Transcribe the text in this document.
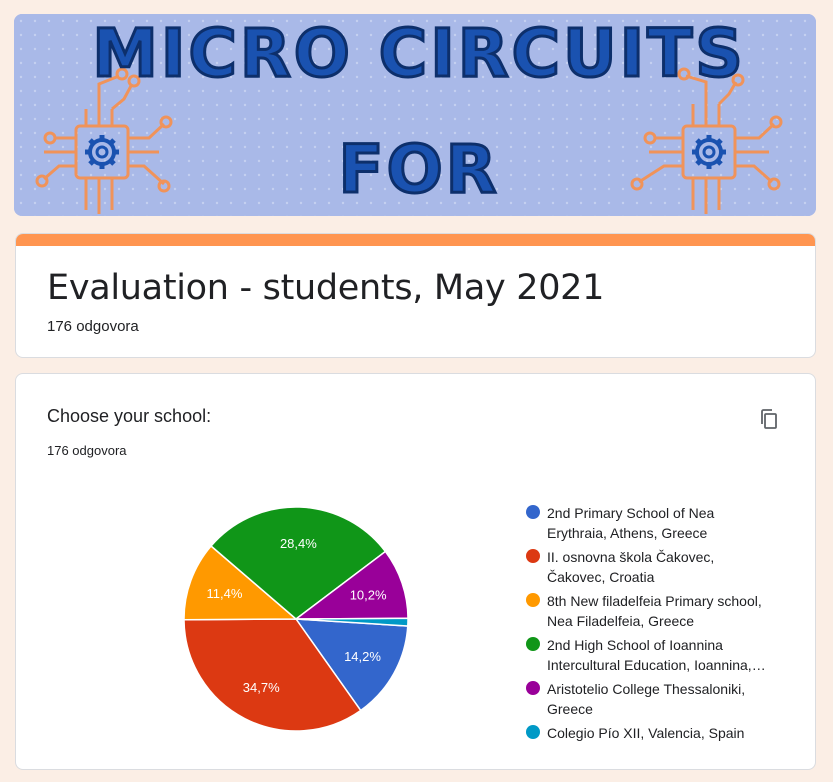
MICRO CIRCUITS
FOR
Evaluation - students, May 2021
176 odgovora
Choose your school:
176 odgovora
14,2%
34,7%
11,4%
28,4%
10,2%
2nd Primary School of Nea Erythraia, Athens, Greece
II. osnovna škola Čakovec, Čakovec, Croatia
8th New filadelfeia Primary school, Nea Filadelfeia, Greece
2nd High School of Ioannina Intercultural Education, Ioannina,
Aristotelio College Thessaloniki, Greece
Colegio Pío XII, Valencia, Spain
